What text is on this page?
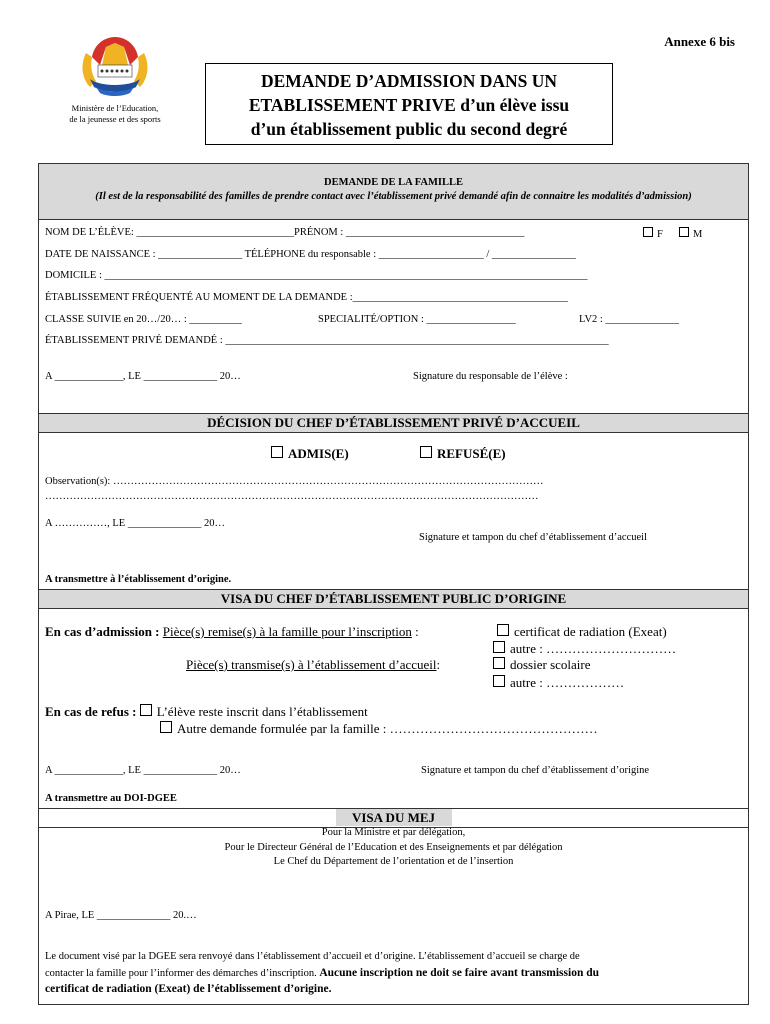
Annexe 6 bis
Ministère de l’Education,
de la jeunesse et des sports
DEMANDE D’ADMISSION DANS UN
ETABLISSEMENT PRIVE d’un élève issu
d’un établissement public du second degré
DEMANDE DE LA FAMILLE
(Il est de la responsabilité des familles de prendre contact avec l’établissement privé demandé afin de connaitre les modalités d’admission)
NOM DE L’ÉLÈVE: ______________________________PRÉNOM : __________________________________	F	M
DATE DE NAISSANCE : ________________ TÉLÉPHONE du responsable : ____________________ / ________________
DOMICILE : ____________________________________________________________________________________________
ÉTABLISSEMENT FRÉQUENTÉ AU MOMENT DE LA DEMANDE :_________________________________________
CLASSE SUIVIE en 20…/20… : __________	SPECIALITÉ/OPTION : _________________	LV2 : ______________
ÉTABLISSEMENT PRIVÉ DEMANDÉ : _________________________________________________________________________
A _____________, LE ______________ 20…	Signature du responsable de l’élève :
DÉCISION DU CHEF D’ÉTABLISSEMENT PRIVÉ D’ACCUEIL
ADMIS(E)	REFUSÉ(E)
Observation(s): ……………………………………………………………………………………………………………
……………………………………………………………………………………………………………………………
A ……………, LE ______________ 20…
Signature et tampon du chef d’établissement d’accueil
A transmettre à l’établissement d’origine.
VISA DU CHEF D’ÉTABLISSEMENT PUBLIC D’ORIGINE
En cas d’admission : Pièce(s) remise(s) à la famille pour l’inscription :	certificat de radiation (Exeat)
autre : …………………………
Pièce(s) transmise(s) à l’établissement d’accueil:	dossier scolaire
autre : ………………
En cas de refus : L’élève reste inscrit dans l’établissement
Autre demande formulée par la famille : …………………………………………
A _____________, LE ______________ 20…	Signature et tampon du chef d’établissement d’origine
A transmettre au DOI-DGEE
VISA DU MEJ
Pour la Ministre et par délégation,
Pour le Directeur Général de l’Education et des Enseignements et par délégation
Le Chef du Département de l’orientation et de l’insertion
A Pirae, LE ______________ 20.…
Le document visé par la DGEE sera renvoyé dans l’établissement d’accueil et d’origine. L’établissement d’accueil se charge de
contacter la famille pour l’informer des démarches d’inscription. Aucune inscription ne doit se faire avant transmission du
certificat de radiation (Exeat) de l’établissement d’origine.
